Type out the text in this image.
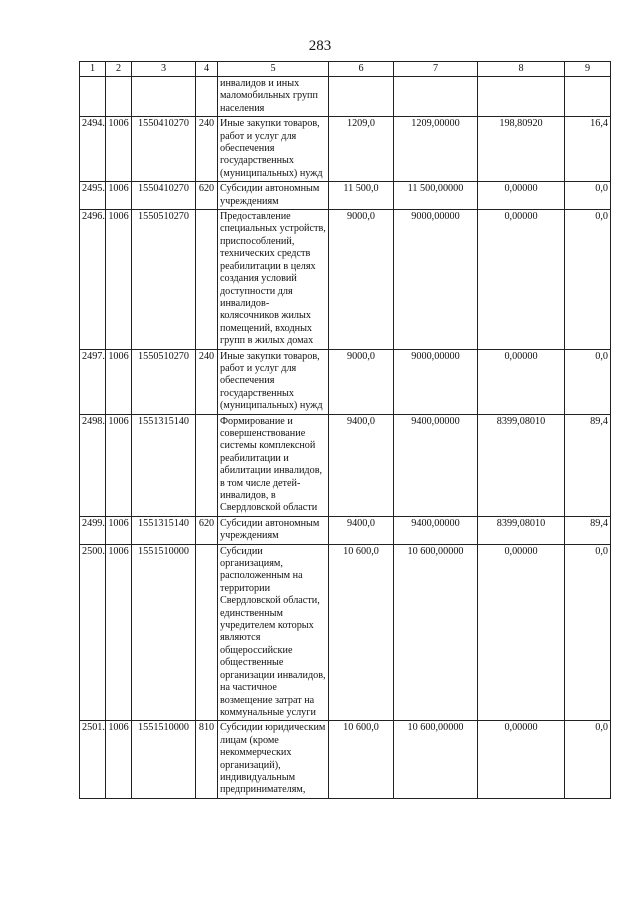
283
1	2	3	4	5	6	7	8	9
				инвалидов и иных маломобильных групп населения				
2494.	1006	1550410270	240	Иные закупки товаров, работ и услуг для обеспечения государственных (муниципальных) нужд	1209,0	1209,00000	198,80920	16,4
2495.	1006	1550410270	620	Субсидии автономным учреждениям	11 500,0	11 500,00000	0,00000	0,0
2496.	1006	1550510270		Предоставление специальных устройств, приспособлений, технических средств реабилитации в целях создания условий доступности для инвалидов-колясочников жилых помещений, входных групп в жилых домах	9000,0	9000,00000	0,00000	0,0
2497.	1006	1550510270	240	Иные закупки товаров, работ и услуг для обеспечения государственных (муниципальных) нужд	9000,0	9000,00000	0,00000	0,0
2498.	1006	1551315140		Формирование и совершенствование системы комплексной реабилитации и абилитации инвалидов, в том числе детей-инвалидов, в Свердловской области	9400,0	9400,00000	8399,08010	89,4
2499.	1006	1551315140	620	Субсидии автономным учреждениям	9400,0	9400,00000	8399,08010	89,4
2500.	1006	1551510000		Субсидии организациям, расположенным на территории Свердловской области, единственным учредителем которых являются общероссийские общественные организации инвалидов, на частичное возмещение затрат на коммунальные услуги	10 600,0	10 600,00000	0,00000	0,0
2501.	1006	1551510000	810	Субсидии юридическим лицам (кроме некоммерческих организаций), индивидуальным предпринимателям,	10 600,0	10 600,00000	0,00000	0,0
